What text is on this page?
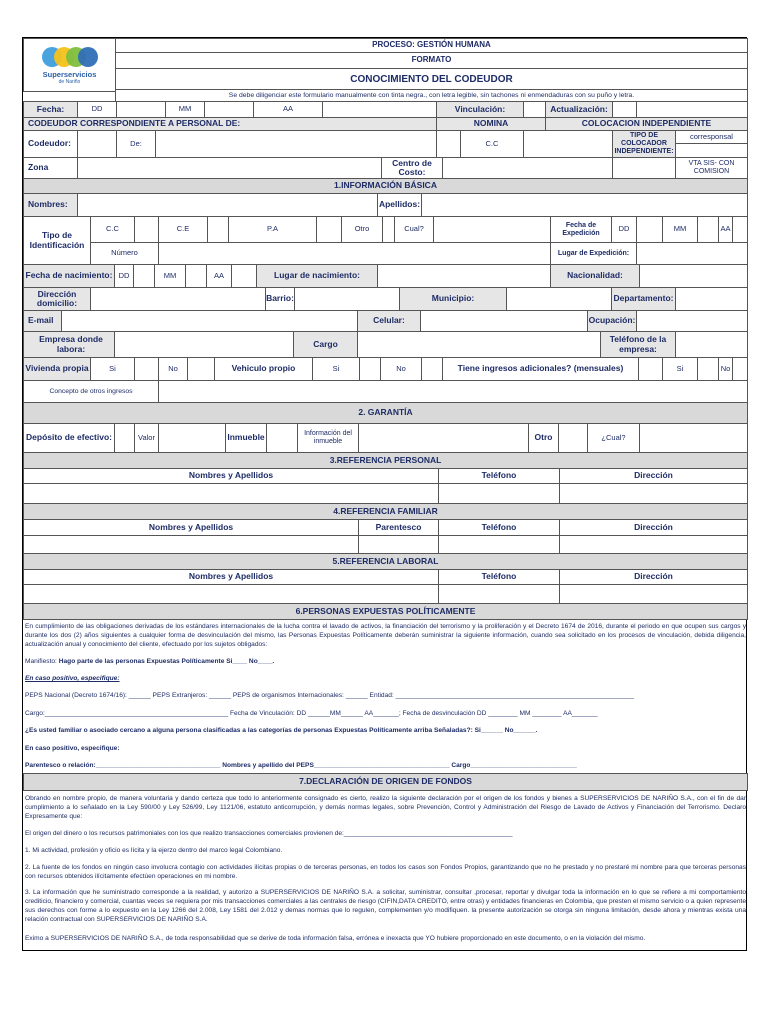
Superservicios
de Nariño
PROCESO: GESTIÓN HUMANA
FORMATO
CONOCIMIENTO DEL CODEUDOR
Se debe diligenciar este formulario manualmente con tinta negra., con letra legible, sin tachones ni enmendaduras con su puño y letra.
Fecha:	DD	MM	AA	Vinculación:	Actualización:
CODEUDOR CORRESPONDIENTE A PERSONAL DE:	NOMINA	COLOCACION INDEPENDIENTE
Codeudor:	De:	C.C
TIPO DE COLOCADOR INDEPENDIENTE:
corresponsal
Zona	Centro de Costo:
VTA SIS- CON COMISION
1.INFORMACIÓN BÁSICA
Nombres:	Apellidos:
Tipo de Identificación
C.C	C.E	P.A	Otro	Cual?	Fecha de Expedición	DD	MM	AA
Número	Lugar de Expedición:
Fecha de nacimiento: DD	MM	AA	Lugar de nacimiento:	Nacionalidad:
Dirección domicilio:	Barrio:	Municipio:	Departamento:
E-mail	Celular:	Ocupación:
Empresa donde labora:	Cargo	Teléfono de la empresa:
Vivienda propia	Si	No	Vehiculo propio	Si	No	Tiene ingresos adicionales? (mensuales)	Si	No
Concepto de otros ingresos
2. GARANTÍA
Depósito de efectivo:	Valor	Inmueble	Información del inmueble	Otro	¿Cual?
3.REFERENCIA PERSONAL
Nombres y Apellidos	Teléfono	Dirección
4.REFERENCIA FAMILIAR
Nombres y Apellidos	Parentesco	Teléfono	Dirección
5.REFERENCIA LABORAL
Nombres y Apellidos	Teléfono	Dirección
6.PERSONAS EXPUESTAS POLÍTICAMENTE
En cumplimiento de las obligaciones derivadas de los estándares internacionales de la lucha contra el lavado de activos, la financiación del terrorismo y la proliferación y el Decreto 1674 de 2016, durante el periodo en que ocupen sus cargos y durante los dos (2) años siguientes a cualquier forma de desvinculación del mismo, las Personas Expuestas Políticamente deberán suministrar la siguiente información, cuando sea solicitado en los procesos de vinculación, debida diligencia, actualización anual y conocimiento del cliente, efectuado por los sujetos obligados:
Manifiesto: Hago parte de las personas Expuestas Políticamente Si____ No____.
En caso positivo, especifique:
PEPS Nacional (Decreto 1674/16): ______ PEPS Extranjeros: ______ PEPS de organismos Internacionales: ______ Entidad: _________________________________________________________________
Cargo:__________________________________________________ Fecha de Vinculación: DD ______MM______ AA_______; Fecha de desvinculación DD ________ MM ________ AA_______
¿Es usted familiar o asociado cercano a alguna persona clasificadas a las categorías de personas Expuestas Políticamente arriba Señaladas?: Si______ No______.
En caso positivo, especifique:
Parentesco o relación:__________________________________ Nombres y apellido del PEPS_____________________________________ Cargo_____________________________
7.DECLARACIÓN DE ORIGEN DE FONDOS
Obrando en nombre propio, de manera voluntaria y dando certeza que todo lo anteriormente consignado es cierto, realizo la siguiente declaración por el origen de los fondos y bienes a SUPERSERVICIOS DE NARIÑO S.A., con el fin de dar cumplimiento a lo señalado en la Ley 590/00 y Ley 526/99, Ley 1121/06, estatuto anticorrupción, y demás normas legales, sobre Prevención, Control y Administración del Riesgo de Lavado de Activos y Financiación del Terrorismo. Declaro Expresamente que:
El origen del dinero o los recursos patrimoniales con los que realizo transacciones comerciales provienen de:______________________________________________
1. Mi actividad, profesión y oficio es lícita y la ejerzo dentro del marco legal Colombiano.
2. La fuente de los fondos en ningún caso involucra contagio con actividades ilícitas propias o de terceras personas, en todos los casos son Fondos Propios, garantizando que no he prestado y no prestaré mi nombre para que terceras personas con recursos obtenidos ilícitamente efectúen operaciones en mi nombre.
3. La información que he suministrado corresponde a la realidad, y autorizo a SUPERSERVICIOS DE NARIÑO S.A. a solicitar, suministrar, consultar ,procesar, reportar y divulgar toda la información en lo que se refiere a mi comportamiento crediticio, financiero y comercial, cuantas veces se requiera por mis transacciones comerciales a las centrales de riesgo (CIFIN,DATA CREDITO, entre otras) y entidades financieras en Colombia, que presten el mismo servicio o a quien represente sus derechos con forme a lo expuesto en la Ley 1266 del 2.008, Ley 1581 del 2.012 y demas normas que lo regulen, complementen y/o modifiquen. la presente autorización se otorga sin ninguna limitación, desde ahora y mientras exista una relación contractual con SUPERSERVICIOS DE NARIÑO S.A.
Eximo a SUPERSERVICIOS DE NARIÑO S.A., de toda responsabilidad que se derive de toda información falsa, errónea e inexacta que YO hubiere proporcionado en este documento, o en la violación del mismo.
